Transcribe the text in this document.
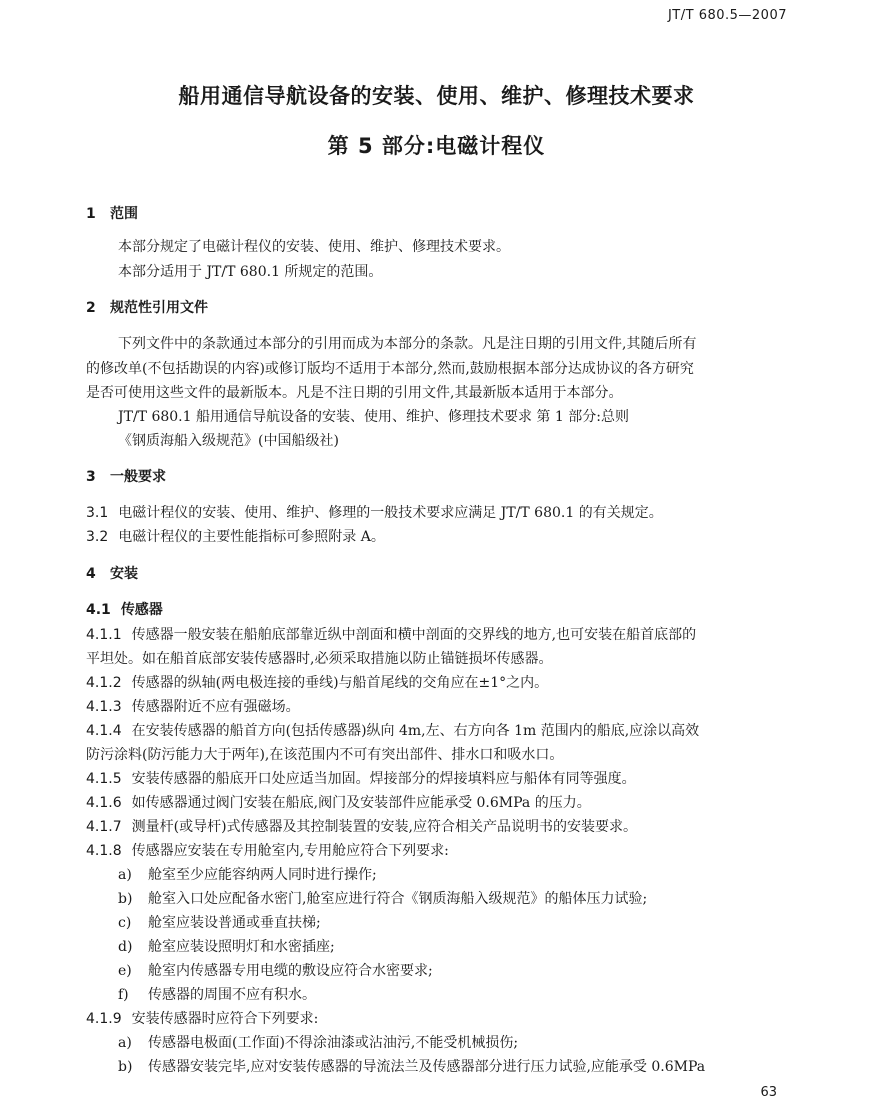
JT/T 680.5—2007
船用通信导航设备的安装、使用、维护、修理技术要求
第 5 部分:电磁计程仪
1 范围
本部分规定了电磁计程仪的安装、使用、维护、修理技术要求。
本部分适用于 JT/T 680.1 所规定的范围。
2 规范性引用文件
下列文件中的条款通过本部分的引用而成为本部分的条款。凡是注日期的引用文件,其随后所有
的修改单(不包括勘误的内容)或修订版均不适用于本部分,然而,鼓励根据本部分达成协议的各方研究
是否可使用这些文件的最新版本。凡是不注日期的引用文件,其最新版本适用于本部分。
JT/T 680.1 船用通信导航设备的安装、使用、维护、修理技术要求 第 1 部分:总则
《钢质海船入级规范》(中国船级社)
3 一般要求
3.1 电磁计程仪的安装、使用、维护、修理的一般技术要求应满足 JT/T 680.1 的有关规定。
3.2 电磁计程仪的主要性能指标可参照附录 A。
4 安装
4.1 传感器
4.1.1 传感器一般安装在船舶底部靠近纵中剖面和横中剖面的交界线的地方,也可安装在船首底部的
平坦处。如在船首底部安装传感器时,必须采取措施以防止锚链损坏传感器。
4.1.2 传感器的纵轴(两电极连接的垂线)与船首尾线的交角应在±1°之内。
4.1.3 传感器附近不应有强磁场。
4.1.4 在安装传感器的船首方向(包括传感器)纵向 4m,左、右方向各 1m 范围内的船底,应涂以高效
防污涂料(防污能力大于两年),在该范围内不可有突出部件、排水口和吸水口。
4.1.5 安装传感器的船底开口处应适当加固。焊接部分的焊接填料应与船体有同等强度。
4.1.6 如传感器通过阀门安装在船底,阀门及安装部件应能承受 0.6MPa 的压力。
4.1.7 测量杆(或导杆)式传感器及其控制装置的安装,应符合相关产品说明书的安装要求。
4.1.8 传感器应安装在专用舱室内,专用舱应符合下列要求:
a) 舱室至少应能容纳两人同时进行操作;
b) 舱室入口处应配备水密门,舱室应进行符合《钢质海船入级规范》的船体压力试验;
c) 舱室应装设普通或垂直扶梯;
d) 舱室应装设照明灯和水密插座;
e) 舱室内传感器专用电缆的敷设应符合水密要求;
f) 传感器的周围不应有积水。
4.1.9 安装传感器时应符合下列要求:
a) 传感器电极面(工作面)不得涂油漆或沾油污,不能受机械损伤;
b) 传感器安装完毕,应对安装传感器的导流法兰及传感器部分进行压力试验,应能承受 0.6MPa
63
